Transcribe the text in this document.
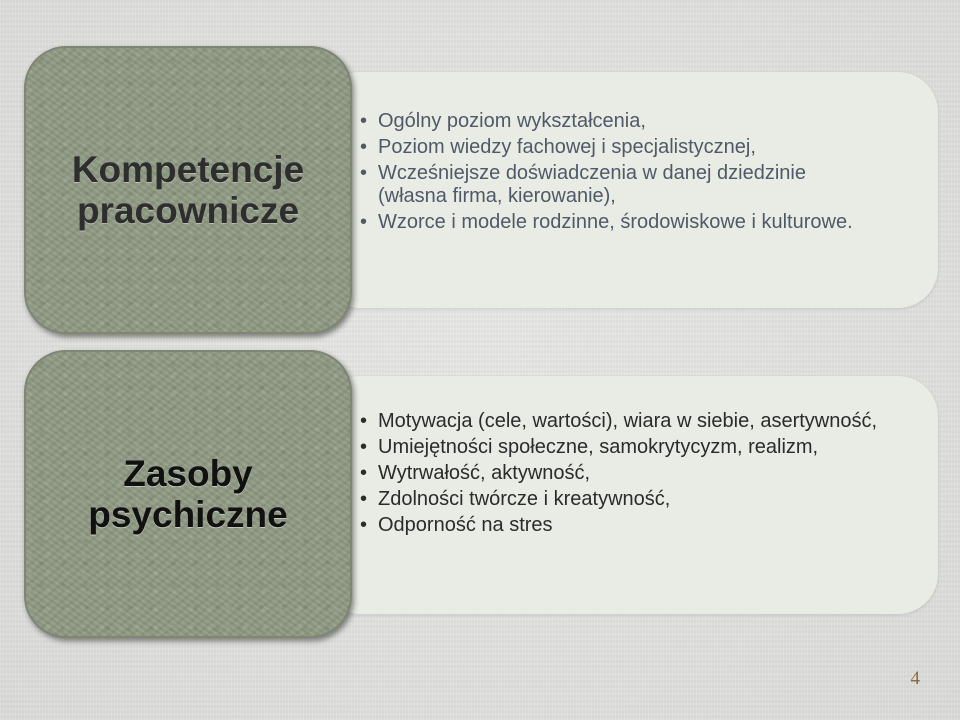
Kompetencje
pracownicze
• Ogólny poziom wykształcenia,
• Poziom wiedzy fachowej i specjalistycznej,
• Wcześniejsze doświadczenia w danej dziedzinie (własna firma, kierowanie),
• Wzorce i modele rodzinne, środowiskowe i kulturowe.
Zasoby
psychiczne
• Motywacja (cele, wartości), wiara w siebie, asertywność,
• Umiejętności społeczne, samokrytycyzm, realizm,
• Wytrwałość, aktywność,
• Zdolności twórcze i kreatywność,
• Odporność na stres
4
